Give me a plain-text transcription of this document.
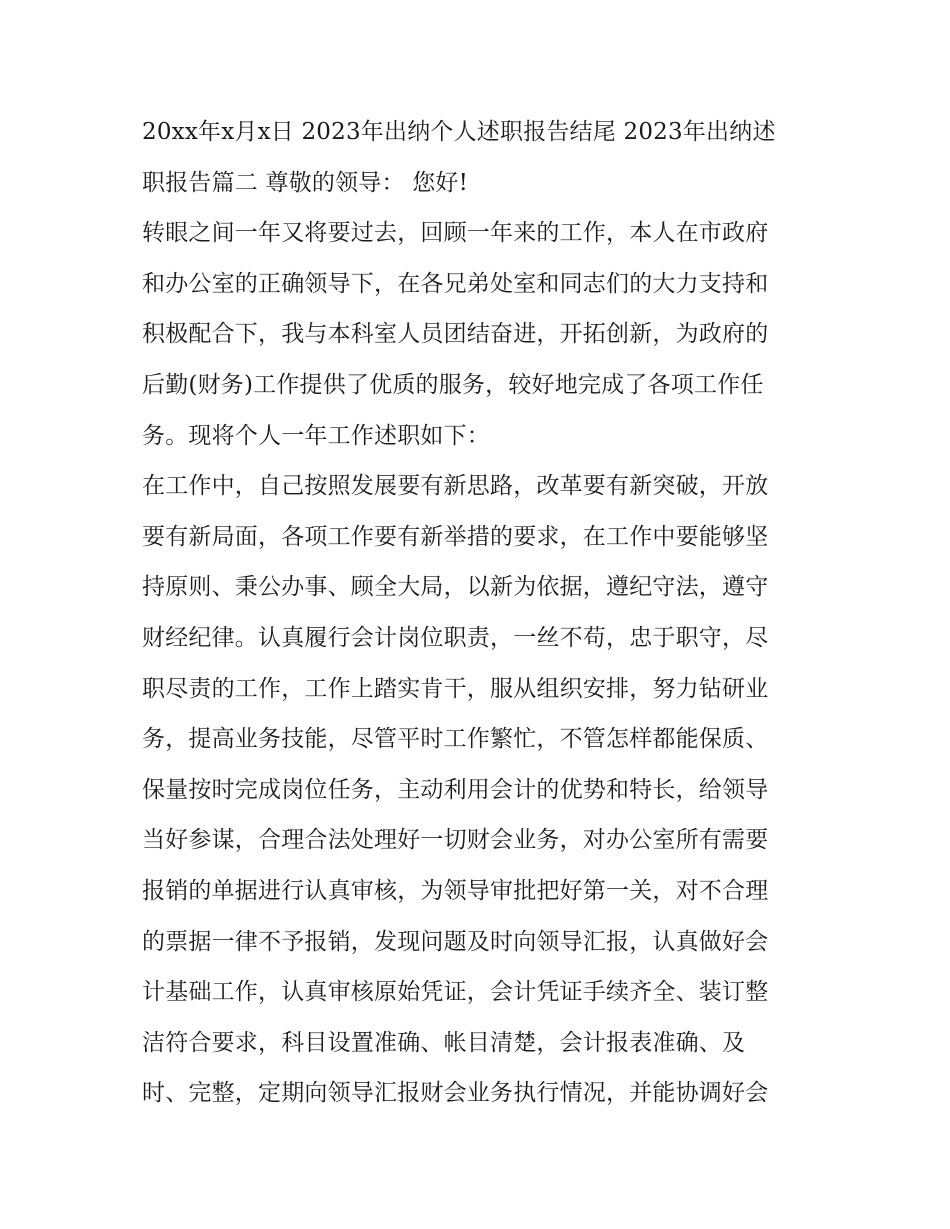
20xx年x月x日 2023年出纳个人述职报告结尾 2023年出纳述
职报告篇二 尊敬的领导： 您好!
转眼之间一年又将要过去，回顾一年来的工作，本人在市政府
和办公室的正确领导下，在各兄弟处室和同志们的大力支持和
积极配合下，我与本科室人员团结奋进，开拓创新，为政府的
后勤(财务)工作提供了优质的服务，较好地完成了各项工作任
务。现将个人一年工作述职如下：
在工作中，自己按照发展要有新思路，改革要有新突破，开放
要有新局面，各项工作要有新举措的要求，在工作中要能够坚
持原则、秉公办事、顾全大局，以新为依据，遵纪守法，遵守
财经纪律。认真履行会计岗位职责，一丝不苟，忠于职守，尽
职尽责的工作，工作上踏实肯干，服从组织安排，努力钻研业
务，提高业务技能，尽管平时工作繁忙，不管怎样都能保质、
保量按时完成岗位任务，主动利用会计的优势和特长，给领导
当好参谋，合理合法处理好一切财会业务，对办公室所有需要
报销的单据进行认真审核，为领导审批把好第一关，对不合理
的票据一律不予报销，发现问题及时向领导汇报，认真做好会
计基础工作，认真审核原始凭证，会计凭证手续齐全、装订整
洁符合要求，科目设置准确、帐目清楚，会计报表准确、及
时、完整，定期向领导汇报财会业务执行情况，并能协调好会
